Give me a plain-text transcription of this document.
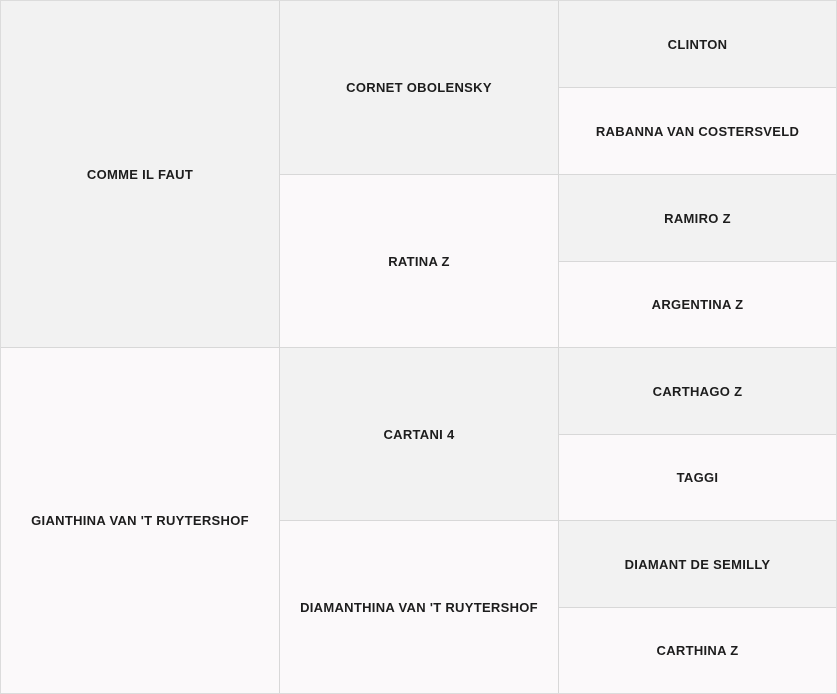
COMME IL FAUT
GIANTHINA VAN 'T RUYTERSHOF
CORNET OBOLENSKY
RATINA Z
CARTANI 4
DIAMANTHINA VAN 'T RUYTERSHOF
CLINTON
RABANNA VAN COSTERSVELD
RAMIRO Z
ARGENTINA Z
CARTHAGO Z
TAGGI
DIAMANT DE SEMILLY
CARTHINA Z
